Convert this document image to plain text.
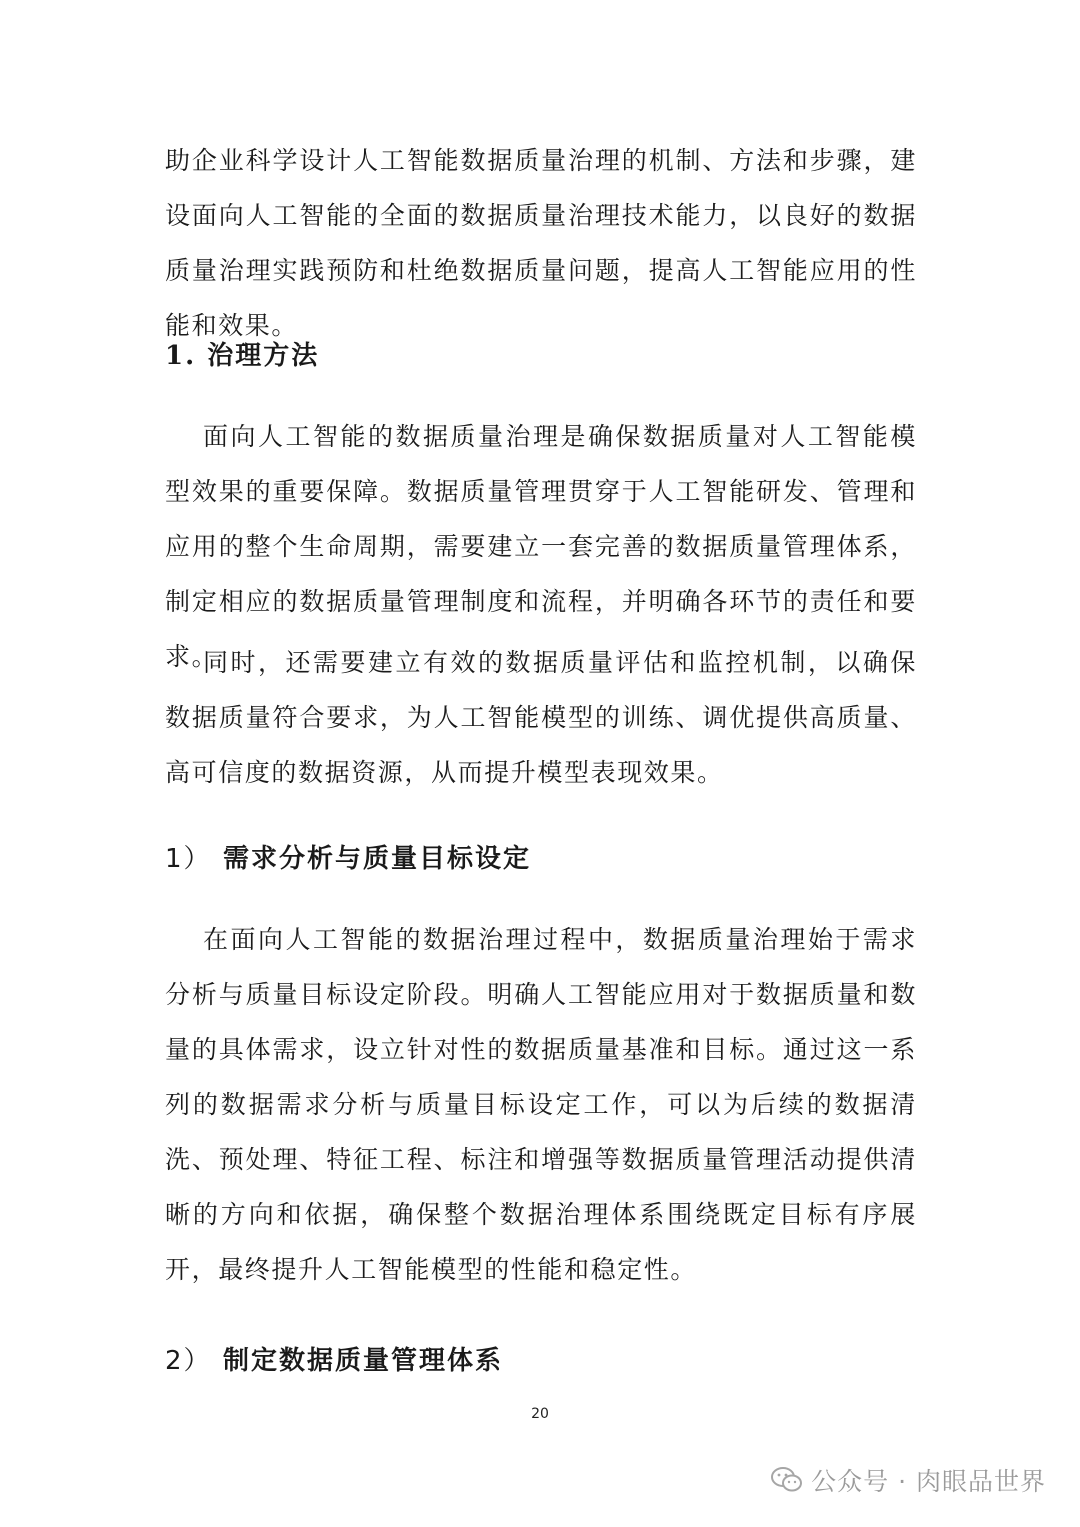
助企业科学设计人工智能数据质量治理的机制、方法和步骤，建设面向人工智能的全面的数据质量治理技术能力，以良好的数据质量治理实践预防和杜绝数据质量问题，提高人工智能应用的性能和效果。

1. 治理方法

面向人工智能的数据质量治理是确保数据质量对人工智能模型效果的重要保障。数据质量管理贯穿于人工智能研发、管理和应用的整个生命周期，需要建立一套完善的数据质量管理体系，制定相应的数据质量管理制度和流程，并明确各环节的责任和要求。

同时，还需要建立有效的数据质量评估和监控机制，以确保数据质量符合要求，为人工智能模型的训练、调优提供高质量、高可信度的数据资源，从而提升模型表现效果。

1） 需求分析与质量目标设定

在面向人工智能的数据治理过程中，数据质量治理始于需求分析与质量目标设定阶段。明确人工智能应用对于数据质量和数量的具体需求，设立针对性的数据质量基准和目标。通过这一系列的数据需求分析与质量目标设定工作，可以为后续的数据清洗、预处理、特征工程、标注和增强等数据质量管理活动提供清晰的方向和依据，确保整个数据治理体系围绕既定目标有序展开，最终提升人工智能模型的性能和稳定性。

2） 制定数据质量管理体系
20
公众号 · 肉眼品世界
